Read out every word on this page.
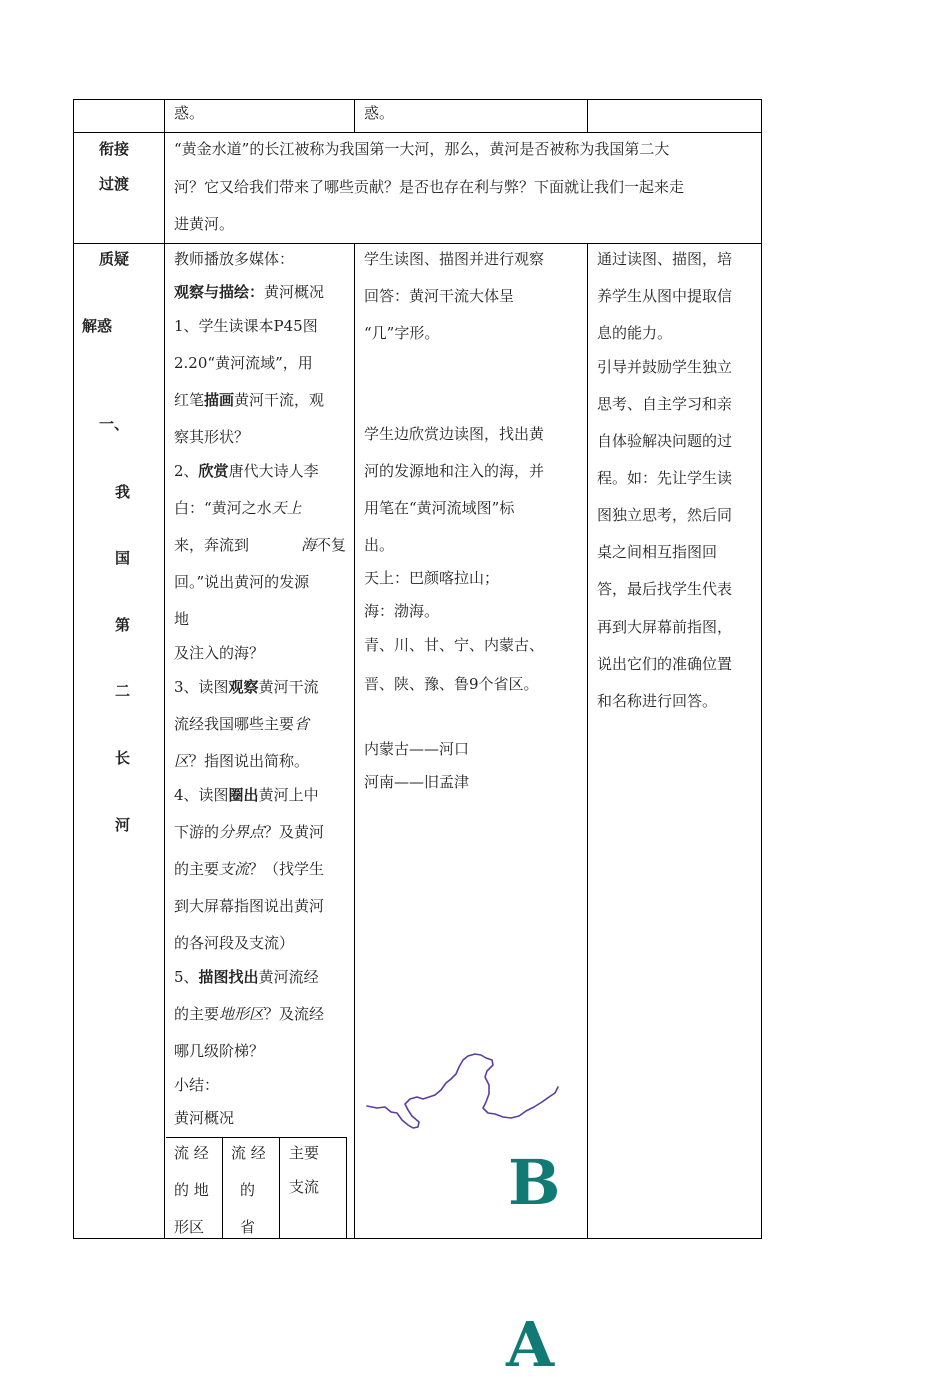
惑。	惑。
衔接
过渡
“黄金水道”的长江被称为我国第一大河，那么，黄河是否被称为我国第二大
河？它又给我们带来了哪些贡献？是否也存在利与弊？下面就让我们一起来走
进黄河。
质疑
解惑
一、
我
国
第
二
长
河
教师播放多媒体：
观察与描绘：黄河概况
1、学生读课本P45图
2.20“黄河流域”，用
红笔描画黄河干流，观
察其形状？
2、欣赏唐代大诗人李
白：“黄河之水天上
来，奔流到	海不复
回。”说出黄河的发源
地
及注入的海？
3、读图观察黄河干流
流经我国哪些主要省
区？指图说出简称。
4、读图圈出黄河上中
下游的分界点？及黄河
的主要支流？（找学生
到大屏幕指图说出黄河
的各河段及支流）
5、描图找出黄河流经
的主要地形区？及流经
哪几级阶梯？
小结：
黄河概况
流 经
的 地
形区
流 经
的
省
主要
支流
学生读图、描图并进行观察
回答：黄河干流大体呈
“几”字形。
学生边欣赏边读图，找出黄
河的发源地和注入的海，并
用笔在“黄河流域图”标
出。
天上：巴颜喀拉山；
海：渤海。
青、川、甘、宁、内蒙古、
晋、陕、豫、鲁9个省区。
内蒙古——河口
河南——旧孟津
通过读图、描图，培
养学生从图中提取信
息的能力。
引导并鼓励学生独立
思考、自主学习和亲
自体验解决问题的过
程。如：先让学生读
图独立思考，然后同
桌之间相互指图回
答，最后找学生代表
再到大屏幕前指图，
说出它们的准确位置
和名称进行回答。
B
A
